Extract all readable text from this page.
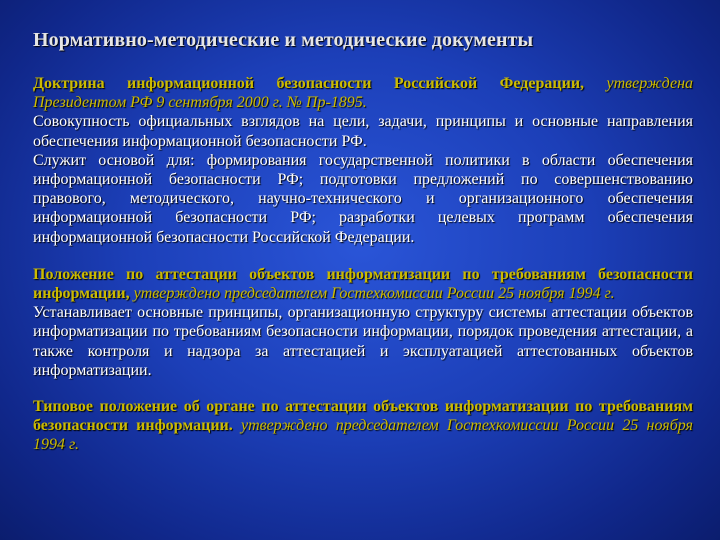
Нормативно-методические и методические документы

Доктрина информационной безопасности Российской Федерации, утверждена Президентом РФ 9 сентября 2000 г. № Пр-1895.

Совокупность официальных взглядов на цели, задачи, принципы и основные направления обеспечения информационной безопасности РФ.

Служит основой для: формирования государственной политики в области обеспечения информационной безопасности РФ; подготовки предложений по совершенствованию правового, методического, научно-технического и организационного обеспечения информационной безопасности РФ; разработки целевых программ обеспечения информационной безопасности Российской Федерации.

Положение по аттестации объектов информатизации по требованиям безопасности информации, утверждено председателем Гостехкомиссии России 25 ноября 1994 г.

Устанавливает основные принципы, организационную структуру системы аттестации объектов информатизации по требованиям безопасности информации, порядок проведения аттестации, а также контроля и надзора за аттестацией и эксплуатацией аттестованных объектов информатизации.

Типовое положение об органе по аттестации объектов информатизации по требованиям безопасности информации. утверждено председателем Гостехкомиссии России 25 ноября 1994 г.
